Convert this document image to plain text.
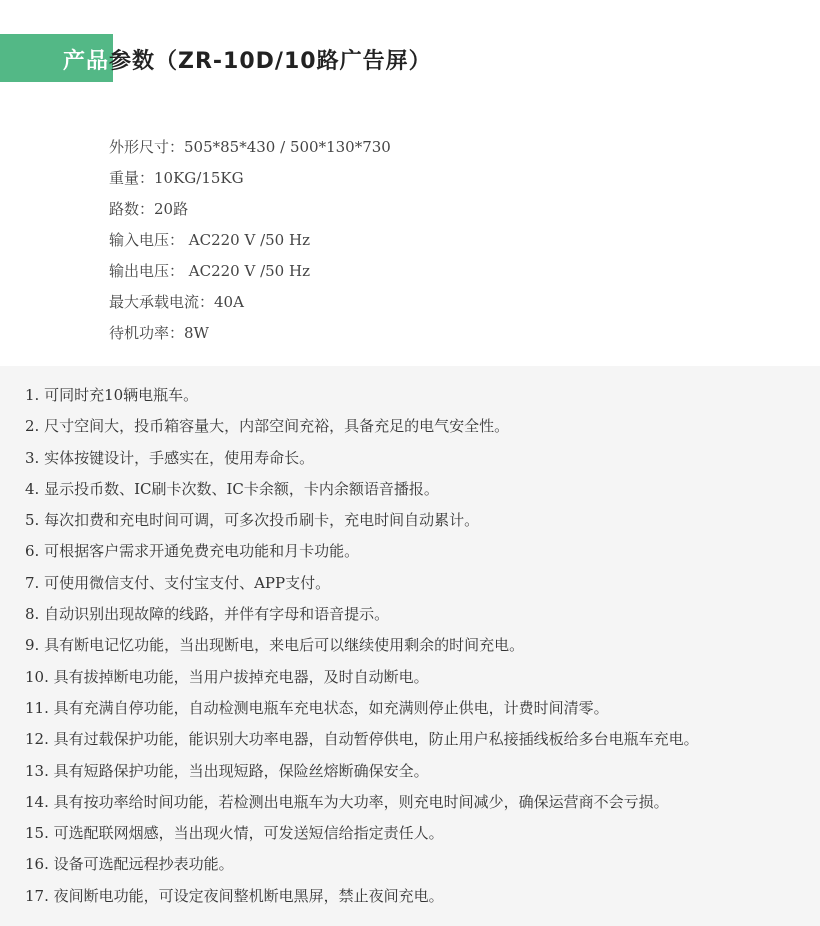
产品参数（ZR-10D/10路广告屏）
外形尺寸：505*85*430 / 500*130*730
重量：10KG/15KG
路数：20路
输入电压： AC220 V /50 Hz
输出电压： AC220 V /50 Hz
最大承载电流：40A
待机功率：8W
1. 可同时充10辆电瓶车。
2. 尺寸空间大，投币箱容量大，内部空间充裕，具备充足的电气安全性。
3. 实体按键设计，手感实在，使用寿命长。
4. 显示投币数、IC刷卡次数、IC卡余额，卡内余额语音播报。
5. 每次扣费和充电时间可调，可多次投币刷卡，充电时间自动累计。
6. 可根据客户需求开通免费充电功能和月卡功能。
7. 可使用微信支付、支付宝支付、APP支付。
8. 自动识别出现故障的线路，并伴有字母和语音提示。
9. 具有断电记忆功能，当出现断电，来电后可以继续使用剩余的时间充电。
10. 具有拔掉断电功能，当用户拔掉充电器，及时自动断电。
11. 具有充满自停功能，自动检测电瓶车充电状态，如充满则停止供电，计费时间清零。
12. 具有过载保护功能，能识别大功率电器，自动暂停供电，防止用户私接插线板给多台电瓶车充电。
13. 具有短路保护功能，当出现短路，保险丝熔断确保安全。
14. 具有按功率给时间功能，若检测出电瓶车为大功率，则充电时间减少，确保运营商不会亏损。
15. 可选配联网烟感，当出现火情，可发送短信给指定责任人。
16. 设备可选配远程抄表功能。
17. 夜间断电功能，可设定夜间整机断电黑屏，禁止夜间充电。
